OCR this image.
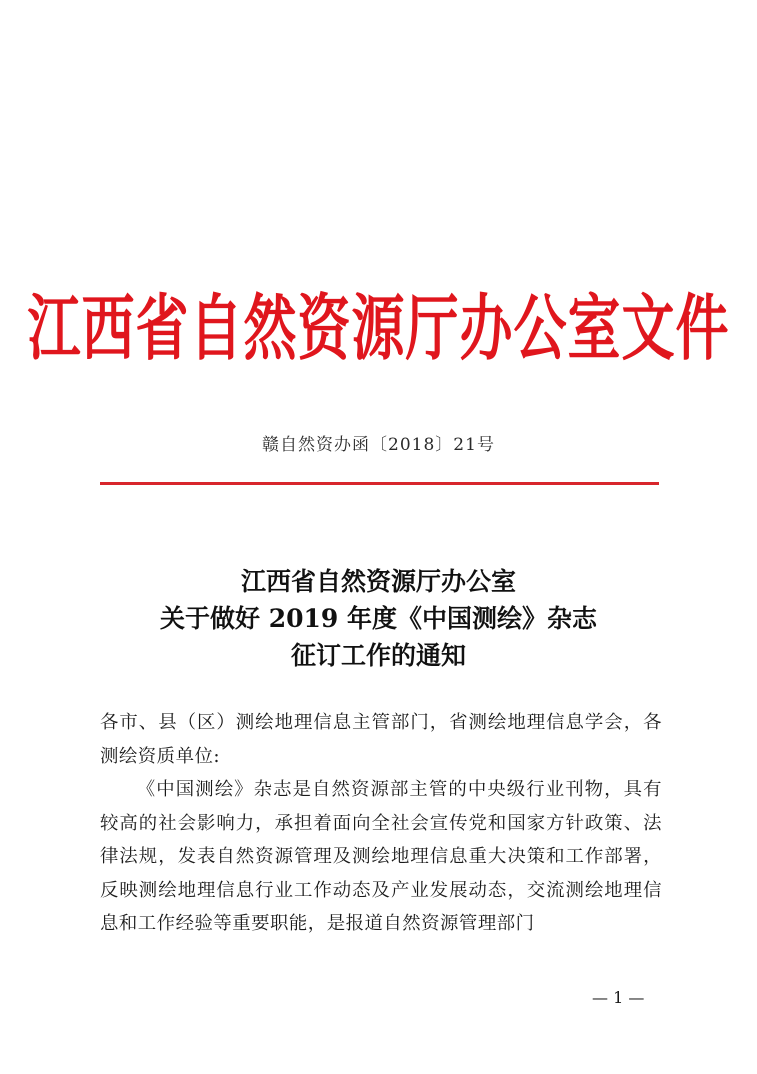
江西省自然资源厅办公室文件
赣自然资办函〔2018〕21号
江西省自然资源厅办公室
关于做好 2019 年度《中国测绘》杂志
征订工作的通知

各市、县（区）测绘地理信息主管部门，省测绘地理信息学会，各测绘资质单位:

《中国测绘》杂志是自然资源部主管的中央级行业刊物，具有较高的社会影响力，承担着面向全社会宣传党和国家方针政策、法律法规，发表自然资源管理及测绘地理信息重大决策和工作部署，反映测绘地理信息行业工作动态及产业发展动态，交流测绘地理信息和工作经验等重要职能，是报道自然资源管理部门

— 1 —
